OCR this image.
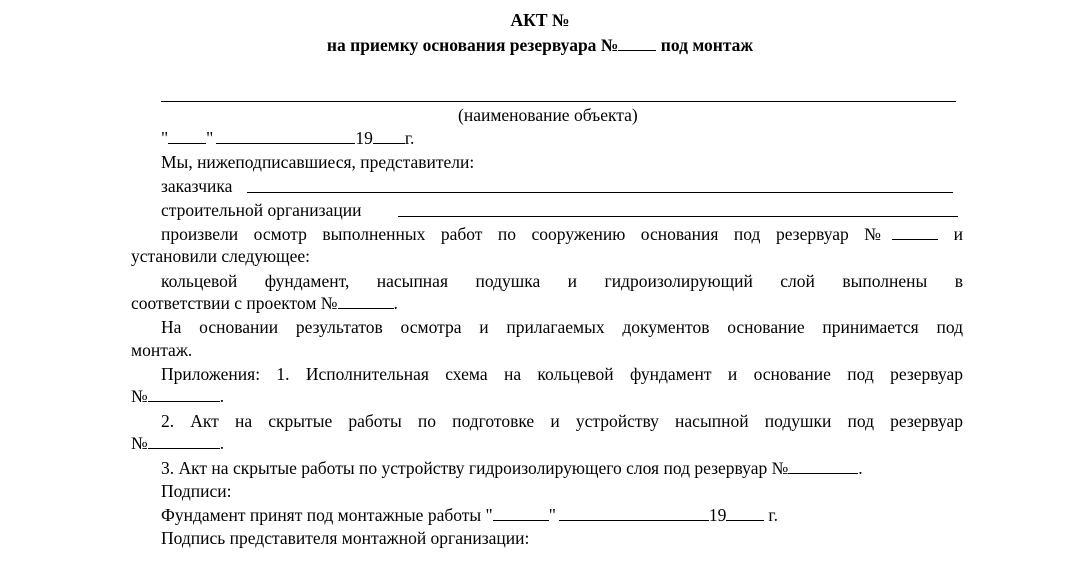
АКТ №
на приемку основания резервуара № под монтаж
(наименование объекта)
" "	19 г.
Мы, нижеподписавшиеся, представители:
заказчика
строительной организации
произвели осмотр выполненных работ по сооружению основания под резервуар №	и
установили следующее:
кольцевой фундамент, насыпная подушка и гидроизолирующий слой выполнены в
соответствии с проектом №	.
На основании результатов осмотра и прилагаемых документов основание принимается под
монтаж.
Приложения: 1. Исполнительная схема на кольцевой фундамент и основание под резервуар
№	.
2. Акт на скрытые работы по подготовке и устройству насыпной подушки под резервуар
№	.
3. Акт на скрытые работы по устройству гидроизолирующего слоя под резервуар №	.
Подписи:
Фундамент принят под монтажные работы "	"	19 г.
Подпись представителя монтажной организации:
